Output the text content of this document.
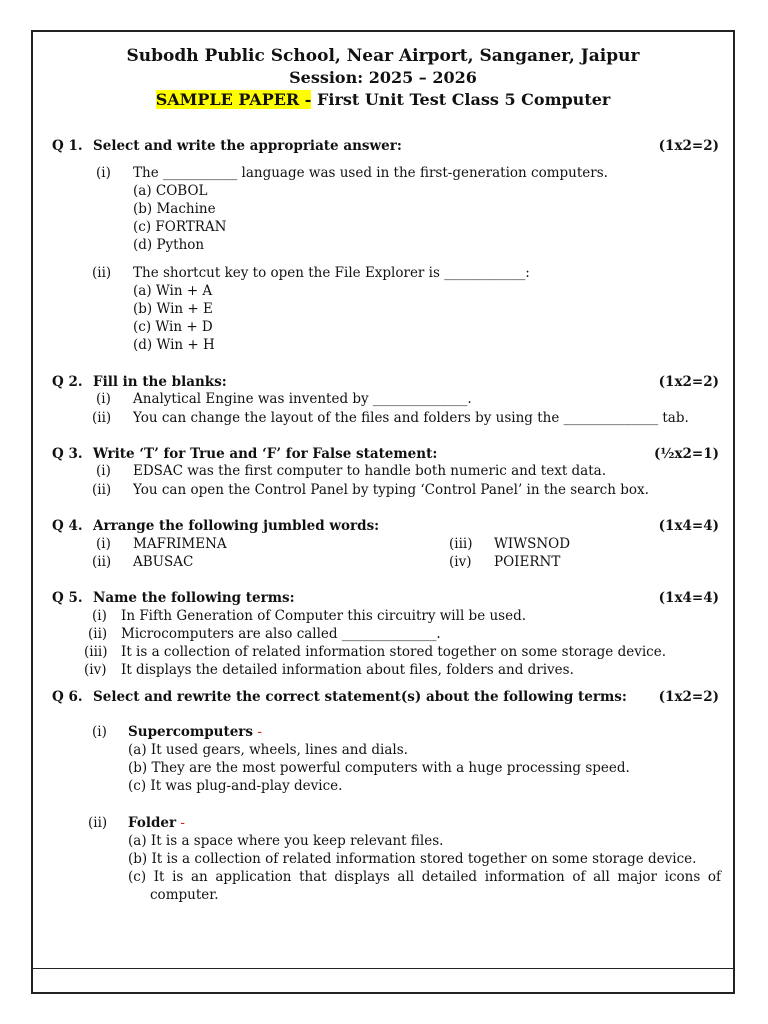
Subodh Public School, Near Airport, Sanganer, Jaipur
Session: 2025 – 2026
SAMPLE PAPER - First Unit Test Class 5 Computer
Q 1. Select and write the appropriate answer:	(1x2=2)
(i) The ___________ language was used in the first-generation computers.
(a) COBOL
(b) Machine
(c) FORTRAN
(d) Python
(ii) The shortcut key to open the File Explorer is ____________:
(a) Win + A
(b) Win + E
(c) Win + D
(d) Win + H
Q 2. Fill in the blanks:	(1x2=2)
(i) Analytical Engine was invented by ______________.
(ii) You can change the layout of the files and folders by using the ______________ tab.
Q 3. Write ‘T’ for True and ‘F’ for False statement:	(½x2=1)
(i) EDSAC was the first computer to handle both numeric and text data.
(ii) You can open the Control Panel by typing ‘Control Panel’ in the search box.
Q 4. Arrange the following jumbled words:	(1x4=4)
(i) MAFRIMENA
(ii) ABUSAC
(iii) WIWSNOD
(iv) POIERNT
Q 5. Name the following terms:	(1x4=4)
(i) In Fifth Generation of Computer this circuitry will be used.
(ii) Microcomputers are also called ______________.
(iii) It is a collection of related information stored together on some storage device.
(iv) It displays the detailed information about files, folders and drives.
Q 6. Select and rewrite the correct statement(s) about the following terms: (1x2=2)
(i) Supercomputers -
(a) It used gears, wheels, lines and dials.
(b) They are the most powerful computers with a huge processing speed.
(c) It was plug-and-play device.
(ii) Folder -
(a) It is a space where you keep relevant files.
(b) It is a collection of related information stored together on some storage device.
(c) It is an application that displays all detailed information of all major icons of
computer.
